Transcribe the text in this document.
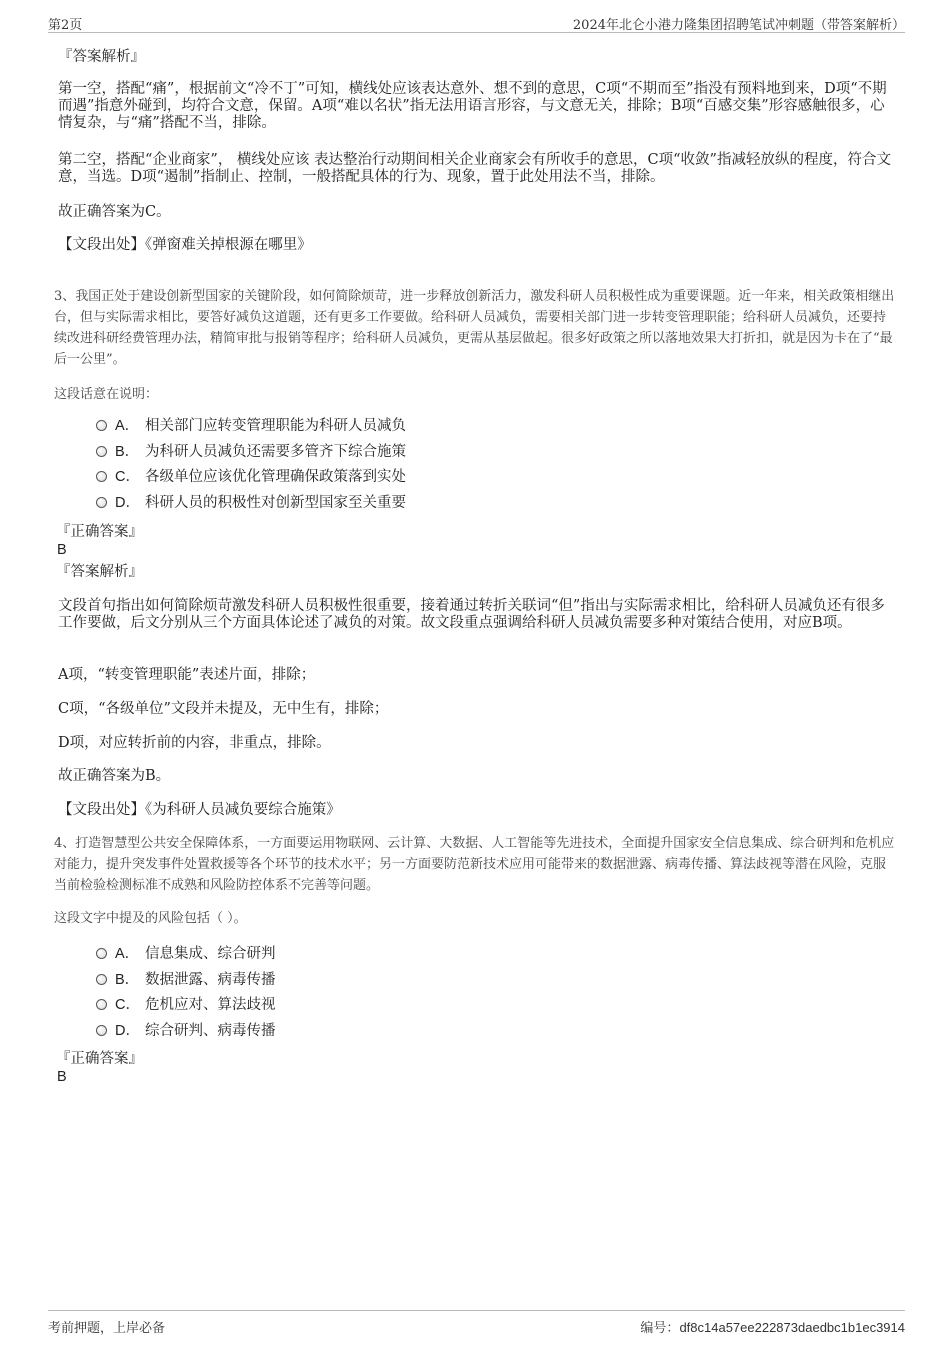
第2页	2024年北仑小港力隆集团招聘笔试冲刺题（带答案解析）
『答案解析』

第一空，搭配“痛”，根据前文“冷不丁”可知，横线处应该表达意外、想不到的意思，C项“不期而至”指没有预料地到来，D项“不期而遇”指意外碰到，均符合文意，保留。A项“难以名状”指无法用语言形容，与文意无关，排除；B项“百感交集”形容感触很多，心情复杂，与“痛”搭配不当，排除。

第二空，搭配“企业商家”， 横线处应该 表达整治行动期间相关企业商家会有所收手的意思，C项“收敛”指减轻放纵的程度，符合文意，当选。D项“遏制”指制止、控制，一般搭配具体的行为、现象，置于此处用法不当，排除。

故正确答案为C。
【文段出处】《弹窗难关掉根源在哪里》
3、我国正处于建设创新型国家的关键阶段，如何简除烦苛，进一步释放创新活力，激发科研人员积极性成为重要课题。近一年来，相关政策相继出台，但与实际需求相比，要答好减负这道题，还有更多工作要做。给科研人员减负，需要相关部门进一步转变管理职能；给科研人员减负，还要持续改进科研经费管理办法，精简审批与报销等程序；给科研人员减负，更需从基层做起。很多好政策之所以落地效果大打折扣，就是因为卡在了“最后一公里”。
这段话意在说明：
A． 相关部门应转变管理职能为科研人员减负
B． 为科研人员减负还需要多管齐下综合施策
C． 各级单位应该优化管理确保政策落到实处
D． 科研人员的积极性对创新型国家至关重要
『正确答案』
B
『答案解析』

文段首句指出如何简除烦苛激发科研人员积极性很重要，接着通过转折关联词“但”指出与实际需求相比，给科研人员减负还有很多工作要做，后文分别从三个方面具体论述了减负的对策。故文段重点强调给科研人员减负需要多种对策结合使用，对应B项。

A项，“转变管理职能”表述片面，排除；
C项，“各级单位”文段并未提及，无中生有，排除；
D项，对应转折前的内容，非重点，排除。
故正确答案为B。
【文段出处】《为科研人员减负要综合施策》
4、打造智慧型公共安全保障体系，一方面要运用物联网、云计算、大数据、人工智能等先进技术，全面提升国家安全信息集成、综合研判和危机应对能力，提升突发事件处置救援等各个环节的技术水平；另一方面要防范新技术应用可能带来的数据泄露、病毒传播、算法歧视等潜在风险，克服当前检验检测标准不成熟和风险防控体系不完善等问题。
这段文字中提及的风险包括（ ）。
A． 信息集成、综合研判
B． 数据泄露、病毒传播
C． 危机应对、算法歧视
D． 综合研判、病毒传播
『正确答案』
B
考前押题，上岸必备	编号：df8c14a57ee222873daedbc1b1ec3914
